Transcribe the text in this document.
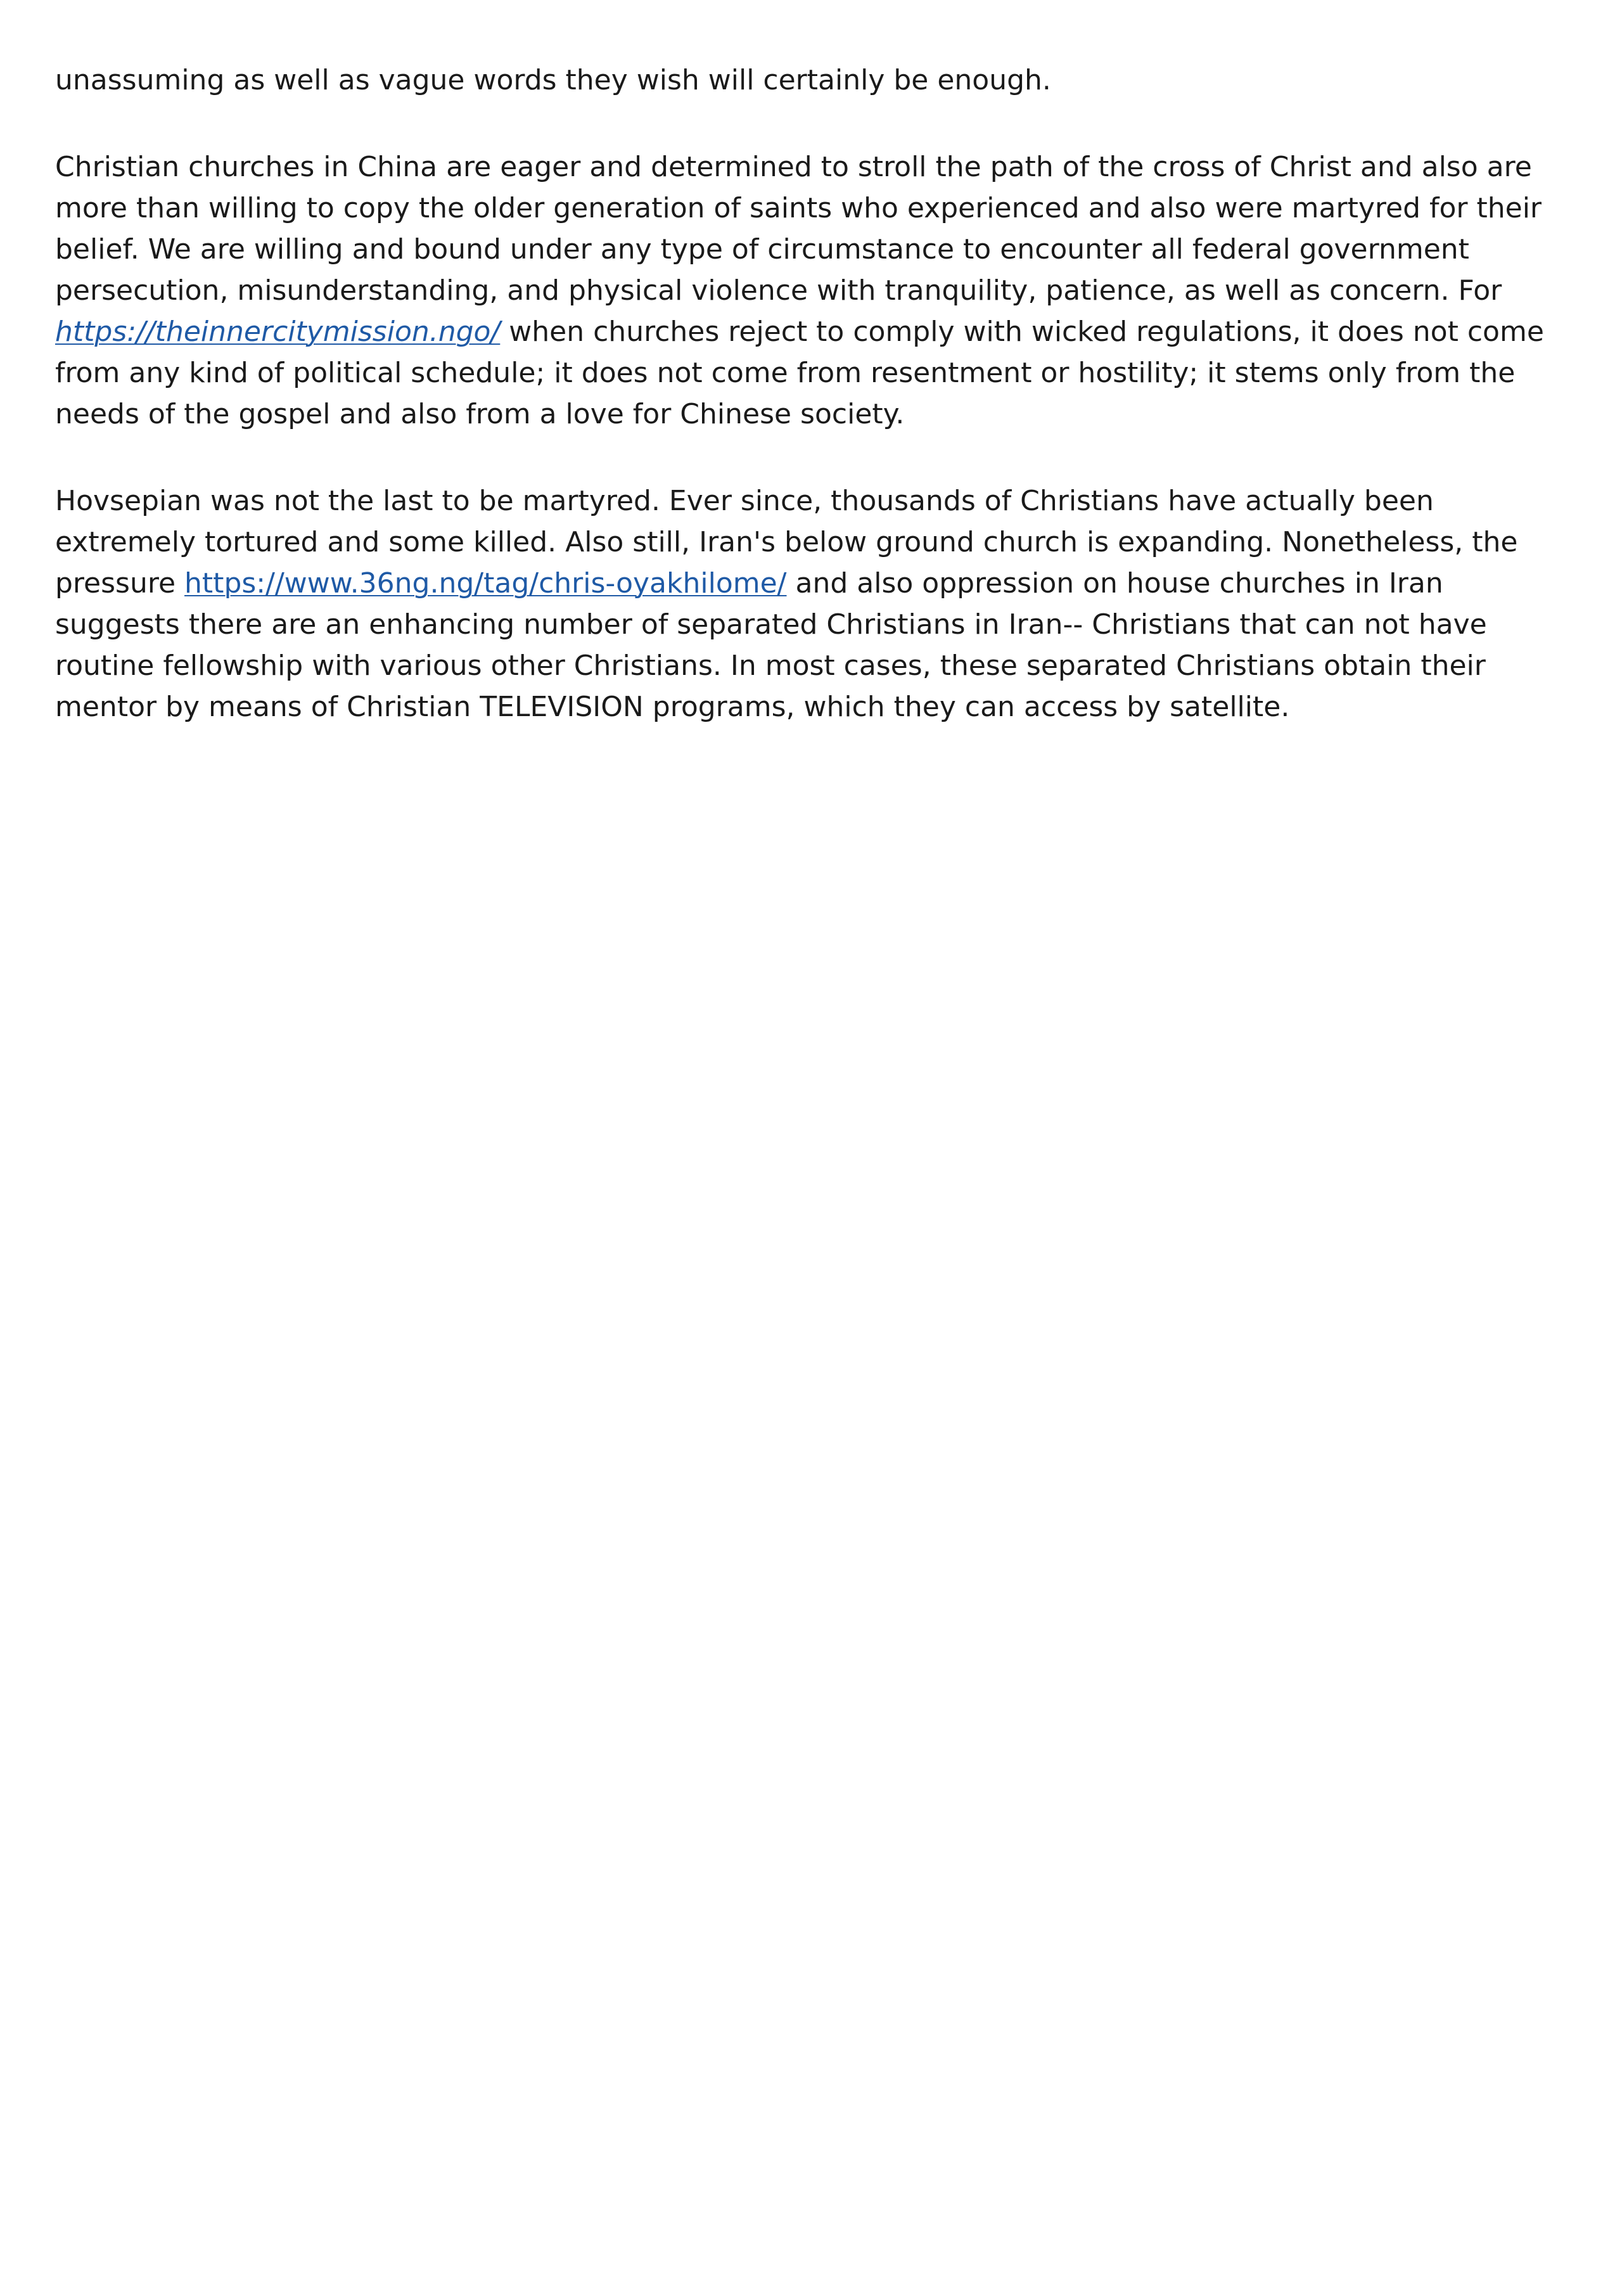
unassuming as well as vague words they wish will certainly be enough.

Christian churches in China are eager and determined to stroll the path of the cross of Christ and also are more than willing to copy the older generation of saints who experienced and also were martyred for their belief. We are willing and bound under any type of circumstance to encounter all federal government persecution, misunderstanding, and physical violence with tranquility, patience, as well as concern. For https://theinnercitymission.ngo/ when churches reject to comply with wicked regulations, it does not come from any kind of political schedule; it does not come from resentment or hostility; it stems only from the needs of the gospel and also from a love for Chinese society.

Hovsepian was not the last to be martyred. Ever since, thousands of Christians have actually been extremely tortured and some killed. Also still, Iran's below ground church is expanding. Nonetheless, the pressure https://www.36ng.ng/tag/chris-oyakhilome/ and also oppression on house churches in Iran suggests there are an enhancing number of separated Christians in Iran-- Christians that can not have routine fellowship with various other Christians. In most cases, these separated Christians obtain their mentor by means of Christian TELEVISION programs, which they can access by satellite.
